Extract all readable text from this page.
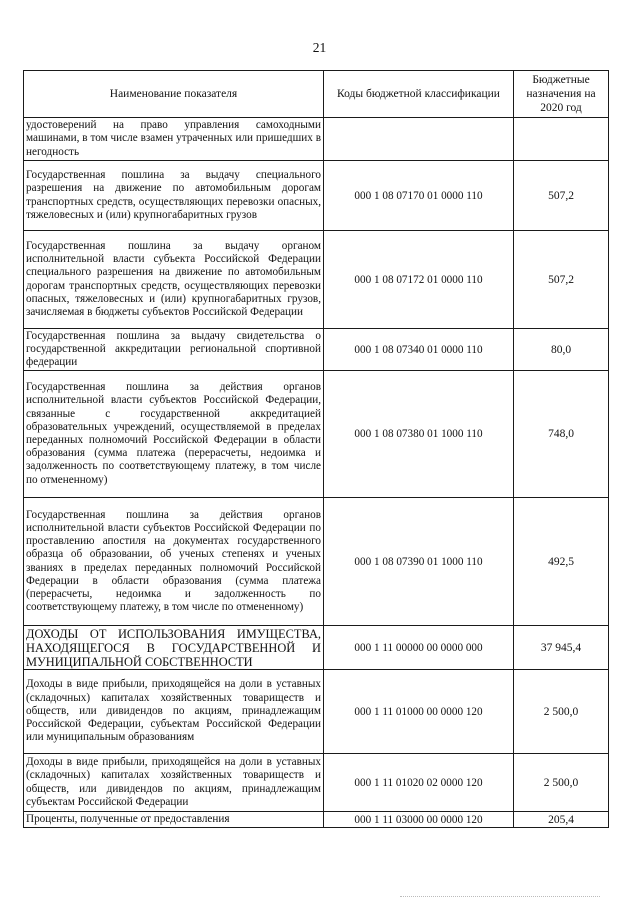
21
Наименование показателя	Коды бюджетной классификации	Бюджетные назначения на 2020 год
удостоверений на право управления самоходными машинами, в том числе взамен утраченных или пришедших в негодность		
Государственная пошлина за выдачу специального разрешения на движение по автомобильным дорогам транспортных средств, осуществляющих перевозки опасных, тяжеловесных и (или) крупногабаритных грузов	000 1 08 07170 01 0000 110	507,2
Государственная пошлина за выдачу органом исполнительной власти субъекта Российской Федерации специального разрешения на движение по автомобильным дорогам транспортных средств, осуществляющих перевозки опасных, тяжеловесных и (или) крупногабаритных грузов, зачисляемая в бюджеты субъектов Российской Федерации	000 1 08 07172 01 0000 110	507,2
Государственная пошлина за выдачу свидетельства о государственной аккредитации региональной спортивной федерации	000 1 08 07340 01 0000 110	80,0
Государственная пошлина за действия органов исполнительной власти субъектов Российской Федерации, связанные с государственной аккредитацией образовательных учреждений, осуществляемой в пределах переданных полномочий Российской Федерации в области образования (сумма платежа (перерасчеты, недоимка и задолженность по соответствующему платежу, в том числе по отмененному)	000 1 08 07380 01 1000 110	748,0
Государственная пошлина за действия органов исполнительной власти субъектов Российской Федерации по проставлению апостиля на документах государственного образца об образовании, об ученых степенях и ученых званиях в пределах переданных полномочий Российской Федерации в области образования (сумма платежа (перерасчеты, недоимка и задолженность по соответствующему платежу, в том числе по отмененному)	000 1 08 07390 01 1000 110	492,5
ДОХОДЫ ОТ ИСПОЛЬЗОВАНИЯ ИМУЩЕСТВА, НАХОДЯЩЕГОСЯ В ГОСУДАРСТВЕННОЙ И МУНИЦИПАЛЬНОЙ СОБСТВЕННОСТИ	000 1 11 00000 00 0000 000	37 945,4
Доходы в виде прибыли, приходящейся на доли в уставных (складочных) капиталах хозяйственных товариществ и обществ, или дивидендов по акциям, принадлежащим Российской Федерации, субъектам Российской Федерации или муниципальным образованиям	000 1 11 01000 00 0000 120	2 500,0
Доходы в виде прибыли, приходящейся на доли в уставных (складочных) капиталах хозяйственных товариществ и обществ, или дивидендов по акциям, принадлежащим субъектам Российской Федерации	000 1 11 01020 02 0000 120	2 500,0
Проценты, полученные от предоставления	000 1 11 03000 00 0000 120	205,4
